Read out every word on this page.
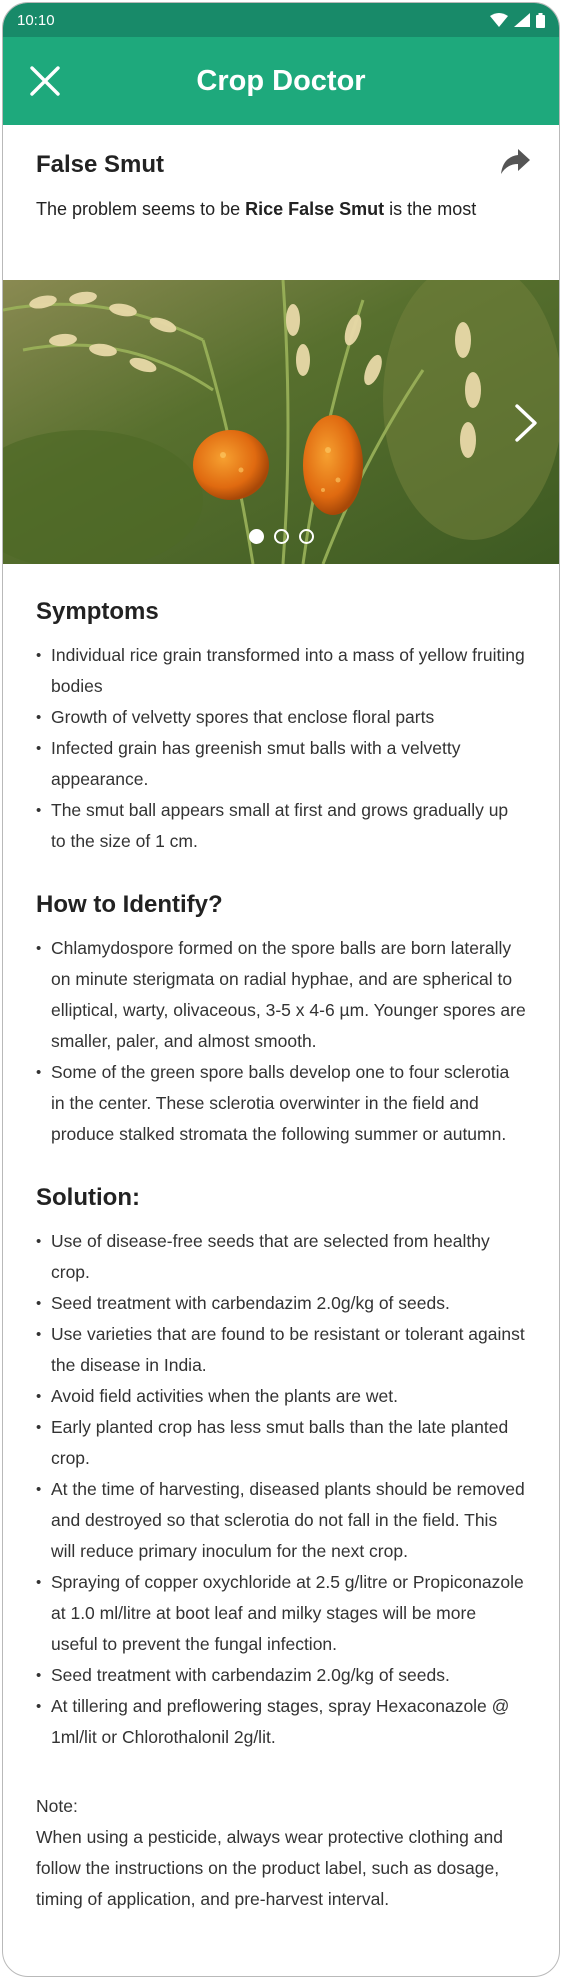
10:10
Crop Doctor
False Smut
The problem seems to be Rice False Smut is the most
Symptoms
• Individual rice grain transformed into a mass of yellow fruiting bodies
• Growth of velvetty spores that enclose floral parts
• Infected grain has greenish smut balls with a velvetty appearance.
• The smut ball appears small at first and grows gradually up to the size of 1 cm.
How to Identify?
• Chlamydospore formed on the spore balls are born laterally on minute sterigmata on radial hyphae, and are spherical to elliptical, warty, olivaceous, 3-5 x 4-6 µm. Younger spores are smaller, paler, and almost smooth.
• Some of the green spore balls develop one to four sclerotia in the center. These sclerotia overwinter in the field and produce stalked stromata the following summer or autumn.
Solution:
• Use of disease-free seeds that are selected from healthy crop.
• Seed treatment with carbendazim 2.0g/kg of seeds.
• Use varieties that are found to be resistant or tolerant against the disease in India.
• Avoid field activities when the plants are wet.
• Early planted crop has less smut balls than the late planted crop.
• At the time of harvesting, diseased plants should be removed and destroyed so that sclerotia do not fall in the field. This will reduce primary inoculum for the next crop.
• Spraying of copper oxychloride at 2.5 g/litre or Propiconazole at 1.0 ml/litre at boot leaf and milky stages will be more useful to prevent the fungal infection.
• Seed treatment with carbendazim 2.0g/kg of seeds.
• At tillering and preflowering stages, spray Hexaconazole @ 1ml/lit or Chlorothalonil 2g/lit.
Note:
When using a pesticide, always wear protective clothing and follow the instructions on the product label, such as dosage, timing of application, and pre-harvest interval.
